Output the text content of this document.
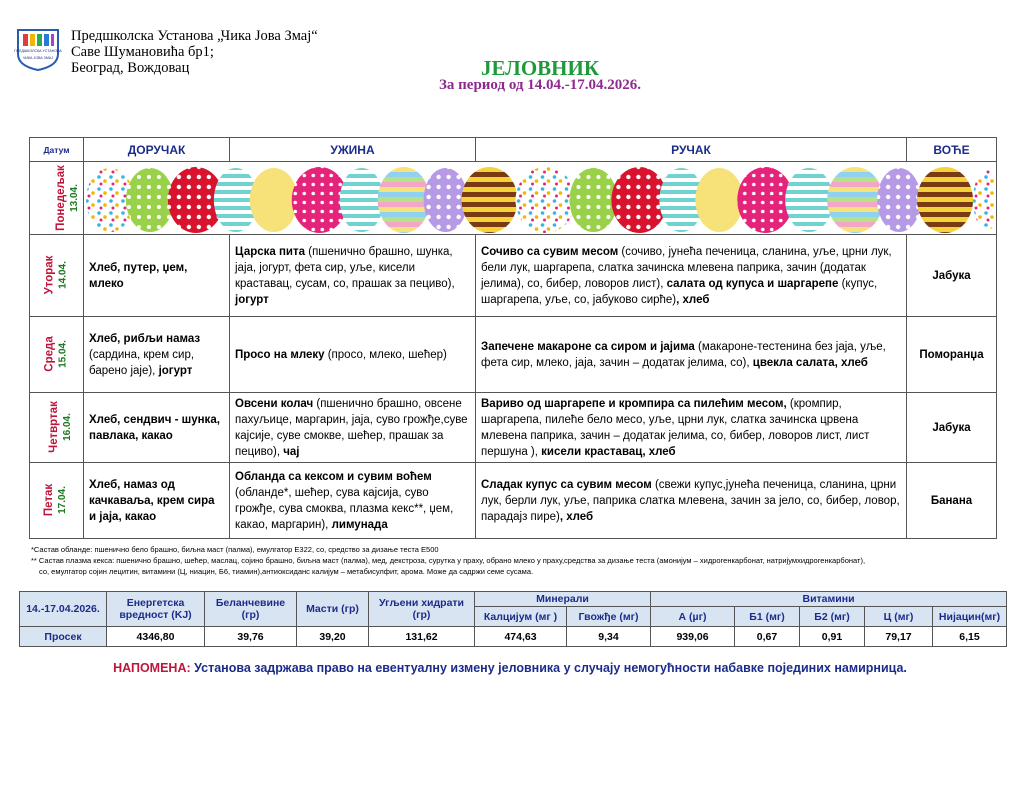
ПРЕДШКОЛСКА УСТАНОВА
ЧИКА ЈОВА ЗМАЈ
Предшколска Установа „Чика Јова Змај“
Саве Шумановића бр1;
Београд, Вождовац	ЈЕЛОВНИК
За период од 14.04.-17.04.2026.
Датум	ДОРУЧАК	УЖИНА	РУЧАК	ВОЋЕ

Понедељак 13.04.

Уторак 14.04.	Хлеб, путер, џем, млеко	Царска пита (пшенично брашно, шунка, јаја, јогурт, фета сир, уље, кисели краставац, сусам, со, прашак за пециво), јогурт	Сочиво са сувим месом (сочиво, јунећа печеница, сланина, уље, црни лук, бели лук, шаргарепа, слатка зачинска млевена паприка, зачин (додатак јелима), со, бибер, ловоров лист), салата од купуса и шаргарепе (купус, шаргарепа, уље, со, јабуково сирће), хлеб	Јабука

Среда 15.04.	Хлеб, рибљи намаз (сардина, крем сир, барено јаје), јогурт	Просо на млеку (просо, млеко, шећер)	Запечене макароне са сиром и јајима (макароне-тестенина без јаја, уље, фета сир, млеко, јаја, зачин – додатак јелима, со), цвекла салата, хлеб	Поморанџа

Четвртак 16.04.	Хлеб, сендвич - шунка, павлака, какао	Овсени колач (пшенично брашно, овсене пахуљице, маргарин, јаја, суво грожђе,суве кајсије, суве смокве, шећер, прашак за пециво), чај	Вариво од шаргарепе и кромпира са пилећим месом, (кромпир, шаргарепа, пилеће бело месо, уље, црни лук, слатка зачинска црвена млевена паприка, зачин – додатак јелима, со, бибер, ловоров лист, лист першуна ), кисели краставац, хлеб	Јабука

Петак 17.04.	Хлеб, намаз од качкаваља, крем сира и јаја, какао	Обланда са кексом и сувим воћем (обланде*, шећер, сува кајсија, суво грожђе, сува смоква, плазма кекс**, џем, какао, маргарин), лимунада	Сладак купус са сувим месом (свежи купус,јунећа печеница, сланина, црни лук, берли лук, уље, паприка слатка млевена, зачин за јело, со, бибер, ловор, парадајз пире), хлеб	Банана
*Састав обланде: пшенично бело брашно, биљна маст (палма), емулгатор Е322, со, средство за дизање теста Е500
** Састав плазма кекса: пшенично брашно, шећер, маслац, сојино брашно, биљна маст (палма), мед, декстроза, сурутка у праху, обрано млеко у праху,средства за дизање теста (амонијум – хидрогенкарбонат, натријумхидрогенкарбонат),
со, емулгатор сојин лецитин, витамини (Ц, ниацин, Б6, тиамин),антиоксиданс калијум – метабисулфит, арома. Може да садржи семе сусама.
14.-17.04.2026.	Енергетска вредност (KJ)	Беланчевине (гр)	Масти (гр)	Угљени хидрати (гр)	Минерали		Витамини				
					Калцијум (мг )	Гвожђе (мг)	А (µг)	Б1 (мг)	Б2 (мг)	Ц (мг)	Нијацин(мг)
Просек	4346,80	39,76	39,20	131,62	474,63	9,34	939,06	0,67	0,91	79,17	6,15
НАПОМЕНА: Установа задржава право на евентуалну измену јеловника у случају немогућности набавке појединих намирница.
